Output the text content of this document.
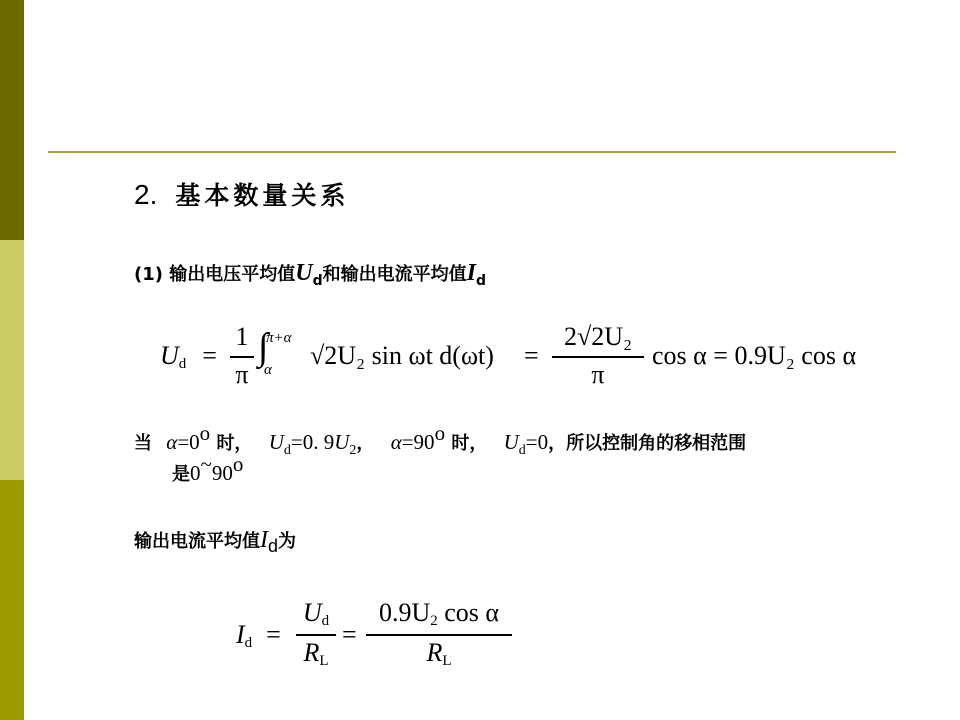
2. 基本数量关系
(1) 输出电压平均值$U_d$和输出电流平均值$I_d$
$U_d$ =
1
π
∫
π+α
α √2U₂ sin ωt d(ωt) =
2√2U₂
π
cos α = 0.9U₂ cos α
当 α=0o 时， $U_d=0$. $9U_2$， α=90o 时， $U_d=0$，所以控制角的移相范围
是0~90o
输出电流平均值Id为
$I_d$ =
$U_d$
$R_L$
=
$0.9U_2$ cos α
$R_L$
